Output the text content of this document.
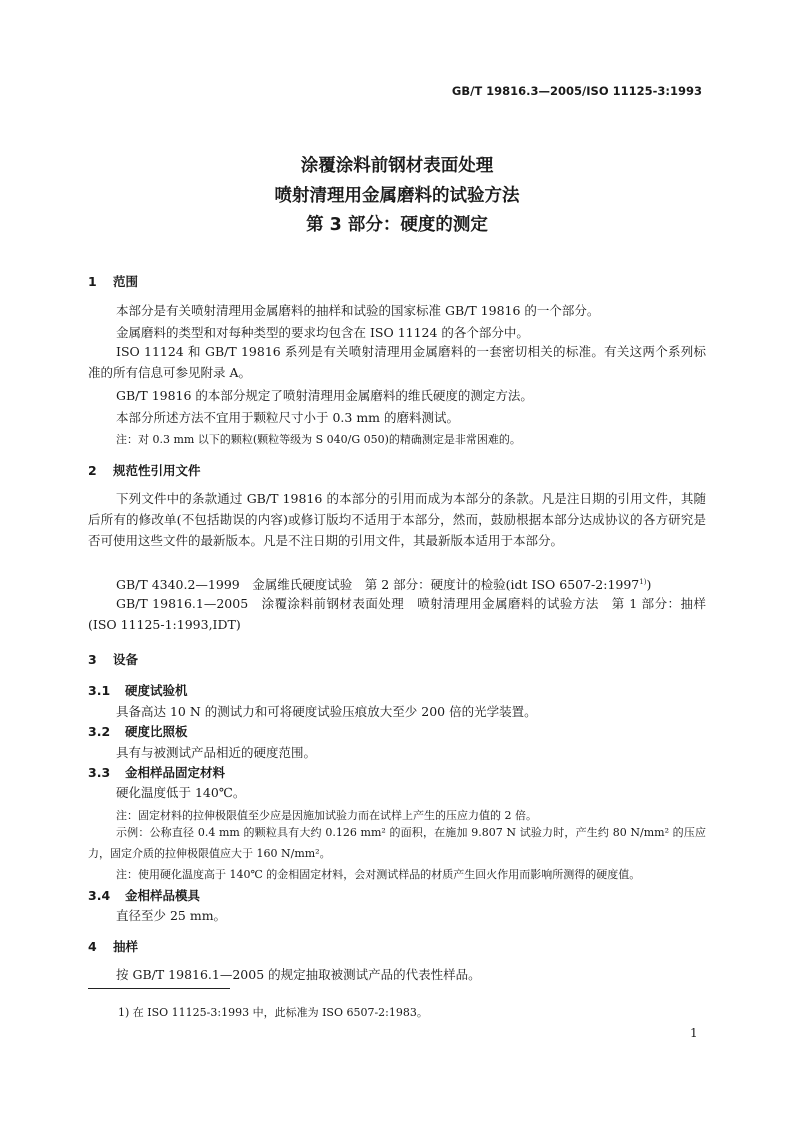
GB/T 19816.3—2005/ISO 11125-3:1993
涂覆涂料前钢材表面处理
喷射清理用金属磨料的试验方法
第 3 部分：硬度的测定
1 范围
本部分是有关喷射清理用金属磨料的抽样和试验的国家标准 GB/T 19816 的一个部分。
金属磨料的类型和对每种类型的要求均包含在 ISO 11124 的各个部分中。
ISO 11124 和 GB/T 19816 系列是有关喷射清理用金属磨料的一套密切相关的标准。有关这两个系列标准的所有信息可参见附录 A。
GB/T 19816 的本部分规定了喷射清理用金属磨料的维氏硬度的测定方法。
本部分所述方法不宜用于颗粒尺寸小于 0.3 mm 的磨料测试。
注：对 0.3 mm 以下的颗粒(颗粒等级为 S 040/G 050)的精确测定是非常困难的。
2 规范性引用文件
下列文件中的条款通过 GB/T 19816 的本部分的引用而成为本部分的条款。凡是注日期的引用文件，其随后所有的修改单(不包括勘误的内容)或修订版均不适用于本部分，然而，鼓励根据本部分达成协议的各方研究是否可使用这些文件的最新版本。凡是不注日期的引用文件，其最新版本适用于本部分。
GB/T 4340.2—1999　金属维氏硬度试验　第 2 部分：硬度计的检验(idt ISO 6507-2:1997$^{1)}$)
GB/T 19816.1—2005　涂覆涂料前钢材表面处理　喷射清理用金属磨料的试验方法　第 1 部分：抽样(ISO 11125-1:1993,IDT)
3 设备
3.1 硬度试验机
具备高达 10 N 的测试力和可将硬度试验压痕放大至少 200 倍的光学装置。
3.2 硬度比照板
具有与被测试产品相近的硬度范围。
3.3 金相样品固定材料
硬化温度低于 140℃。
注：固定材料的拉伸极限值至少应是因施加试验力而在试样上产生的压应力值的 2 倍。
示例：公称直径 0.4 mm 的颗粒具有大约 0.126 mm² 的面积，在施加 9.807 N 试验力时，产生约 80 N/mm² 的压应力，固定介质的拉伸极限值应大于 160 N/mm²。
注：使用硬化温度高于 140℃ 的金相固定材料，会对测试样品的材质产生回火作用而影响所测得的硬度值。
3.4 金相样品模具
直径至少 25 mm。
4 抽样
按 GB/T 19816.1—2005 的规定抽取被测试产品的代表性样品。
1) 在 ISO 11125-3:1993 中，此标准为 ISO 6507-2:1983。
1
